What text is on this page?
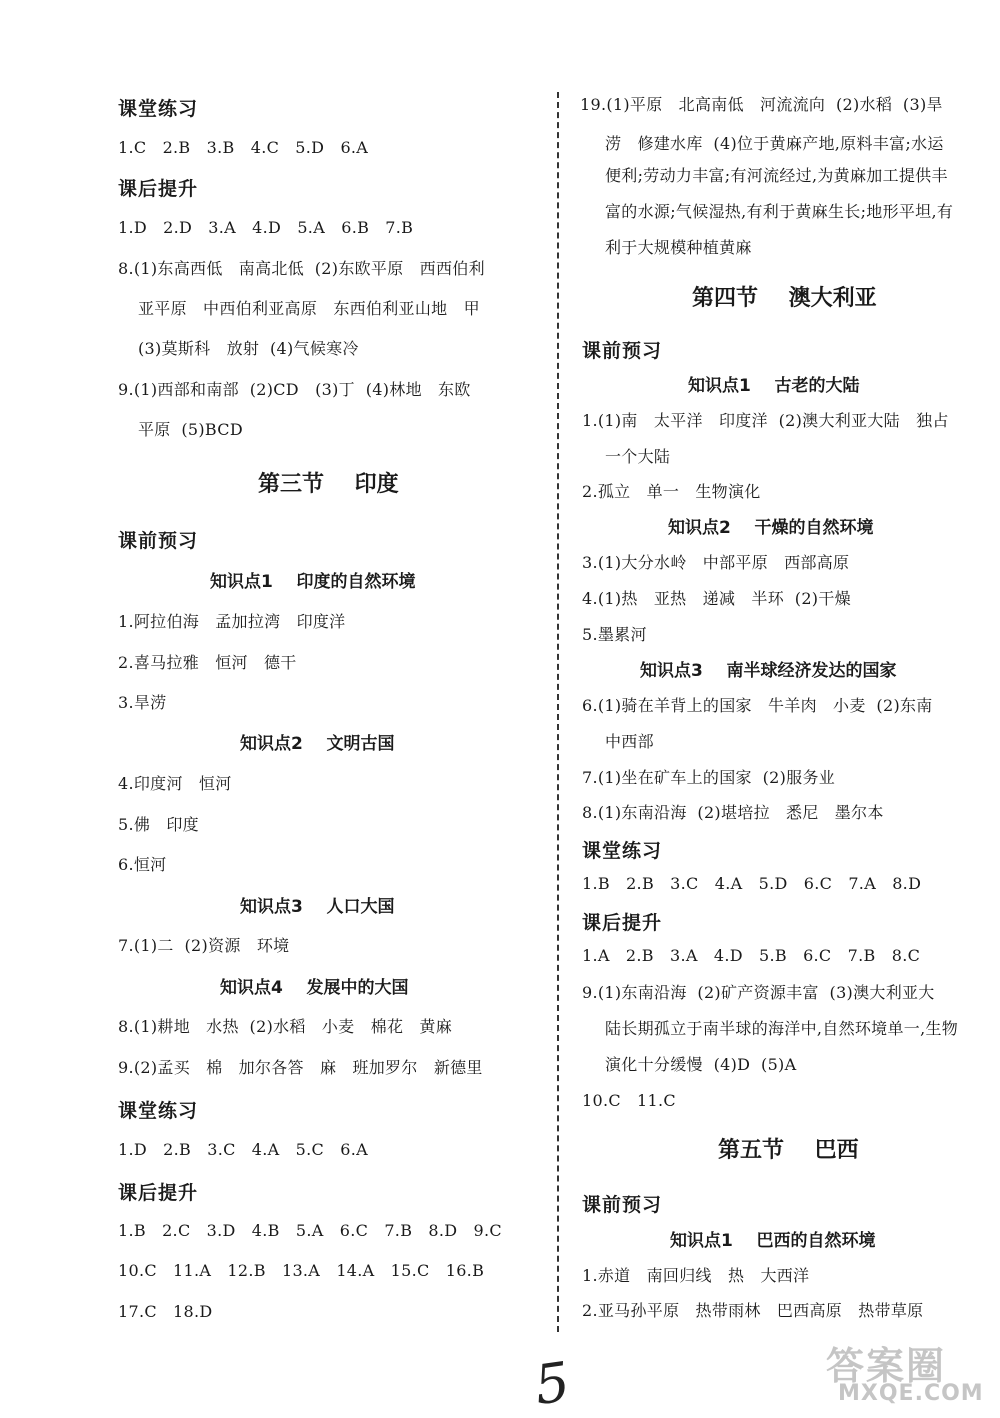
课堂练习
1.C   2.B   3.B   4.C   5.D   6.A
课后提升
1.D   2.D   3.A   4.D   5.A   6.B   7.B
8.(1)东高西低   南高北低  (2)东欧平原   西西伯利
亚平原   中西伯利亚高原   东西伯利亚山地   甲
(3)莫斯科   放射  (4)气候寒冷
9.(1)西部和南部  (2)CD   (3)丁  (4)林地   东欧
平原  (5)BCD
第三节    印度
课前预习
知识点1    印度的自然环境
1.阿拉伯海   孟加拉湾   印度洋
2.喜马拉雅   恒河   德干
3.旱涝
知识点2    文明古国
4.印度河   恒河
5.佛   印度
6.恒河
知识点3    人口大国
7.(1)二  (2)资源   环境
知识点4    发展中的大国
8.(1)耕地   水热  (2)水稻   小麦   棉花   黄麻
9.(2)孟买   棉   加尔各答   麻   班加罗尔   新德里
课堂练习
1.D   2.B   3.C   4.A   5.C   6.A
课后提升
1.B   2.C   3.D   4.B   5.A   6.C   7.B   8.D   9.C
10.C   11.A   12.B   13.A   14.A   15.C   16.B
17.C   18.D
19.(1)平原   北高南低   河流流向  (2)水稻  (3)旱
涝   修建水库  (4)位于黄麻产地,原料丰富;水运
便利;劳动力丰富;有河流经过,为黄麻加工提供丰
富的水源;气候湿热,有利于黄麻生长;地形平坦,有
利于大规模种植黄麻
第四节    澳大利亚
课前预习
知识点1    古老的大陆
1.(1)南   太平洋   印度洋  (2)澳大利亚大陆   独占
一个大陆
2.孤立   单一   生物演化
知识点2    干燥的自然环境
3.(1)大分水岭   中部平原   西部高原
4.(1)热   亚热   递减   半环  (2)干燥
5.墨累河
知识点3    南半球经济发达的国家
6.(1)骑在羊背上的国家   牛羊肉   小麦  (2)东南
中西部
7.(1)坐在矿车上的国家  (2)服务业
8.(1)东南沿海  (2)堪培拉   悉尼   墨尔本
课堂练习
1.B   2.B   3.C   4.A   5.D   6.C   7.A   8.D
课后提升
1.A   2.B   3.A   4.D   5.B   6.C   7.B   8.C
9.(1)东南沿海  (2)矿产资源丰富  (3)澳大利亚大
陆长期孤立于南半球的海洋中,自然环境单一,生物
演化十分缓慢  (4)D  (5)A
10.C   11.C
第五节    巴西
课前预习
知识点1    巴西的自然环境
1.赤道   南回归线   热   大西洋
2.亚马孙平原   热带雨林   巴西高原   热带草原
5	答案圈
MXQE.COM
